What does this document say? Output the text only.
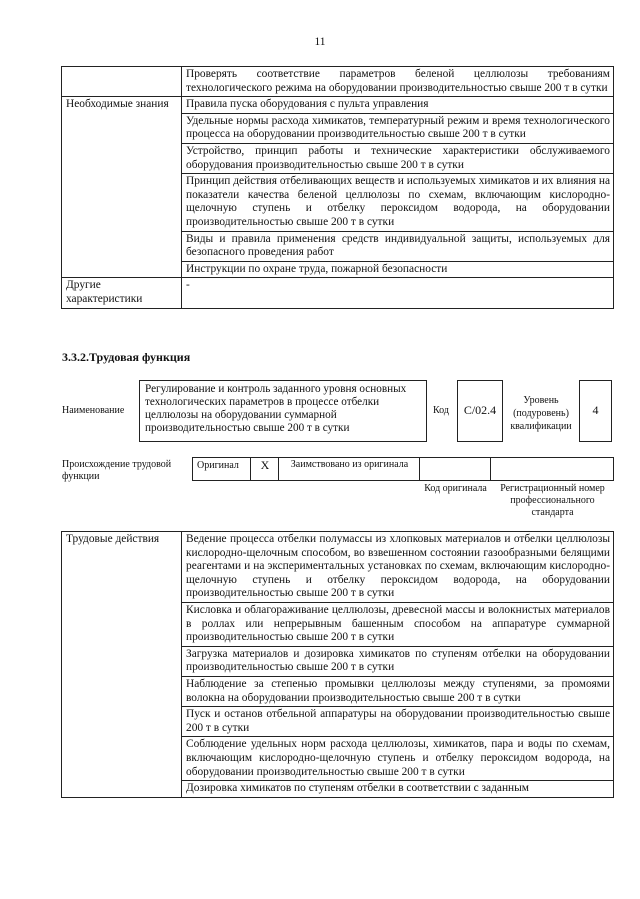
11
	Проверять соответствие параметров беленой целлюлозы требованиям технологического режима на оборудовании производительностью свыше 200 т в сутки
Необходимые знания	Правила пуска оборудования с пульта управления
	Удельные нормы расхода химикатов, температурный режим и время технологического процесса на оборудовании производительностью свыше 200 т в сутки
	Устройство, принцип работы и технические характеристики обслуживаемого оборудования производительностью свыше 200 т в сутки
	Принцип действия отбеливающих веществ и используемых химикатов и их влияния на показатели качества беленой целлюлозы по схемам, включающим кислородно-щелочную ступень и отбелку пероксидом водорода, на оборудовании производительностью свыше 200 т в сутки
	Виды и правила применения средств индивидуальной защиты, используемых для безопасного проведения работ
	Инструкции по охране труда, пожарной безопасности
Другие характеристики	-
3.3.2.Трудовая функция
Наименование
Регулирование и контроль заданного уровня основных технологических параметров в процессе отбелки целлюлозы на оборудовании суммарной производительностью свыше 200 т в сутки
Код C/02.4
Уровень (подуровень) квалификации
4
Происхождение трудовой функции
Оригинал	X	Заимствовано из оригинала		
Код оригинала	Регистрационный номер профессионального стандарта
Трудовые действия	Ведение процесса отбелки полумассы из хлопковых материалов и отбелки целлюлозы кислородно-щелочным способом, во взвешенном состоянии газообразными белящими реагентами и на экспериментальных установках по схемам, включающим кислородно-щелочную ступень и отбелку пероксидом водорода, на оборудовании производительностью свыше 200 т в сутки
Кисловка и облагораживание целлюлозы, древесной массы и волокнистых материалов в роллах или непрерывным башенным способом на аппаратуре суммарной производительностью свыше 200 т в сутки
Загрузка материалов и дозировка химикатов по ступеням отбелки на оборудовании производительностью свыше 200 т в сутки
Наблюдение за степенью промывки целлюлозы между ступенями, за промоями волокна на оборудовании производительностью свыше 200 т в сутки
Пуск и останов отбельной аппаратуры на оборудовании производительностью свыше 200 т в сутки
Соблюдение удельных норм расхода целлюлозы, химикатов, пара и воды по схемам, включающим кислородно-щелочную ступень и отбелку пероксидом водорода, на оборудовании производительностью свыше 200 т в сутки
Дозировка химикатов по ступеням отбелки в соответствии с заданным
